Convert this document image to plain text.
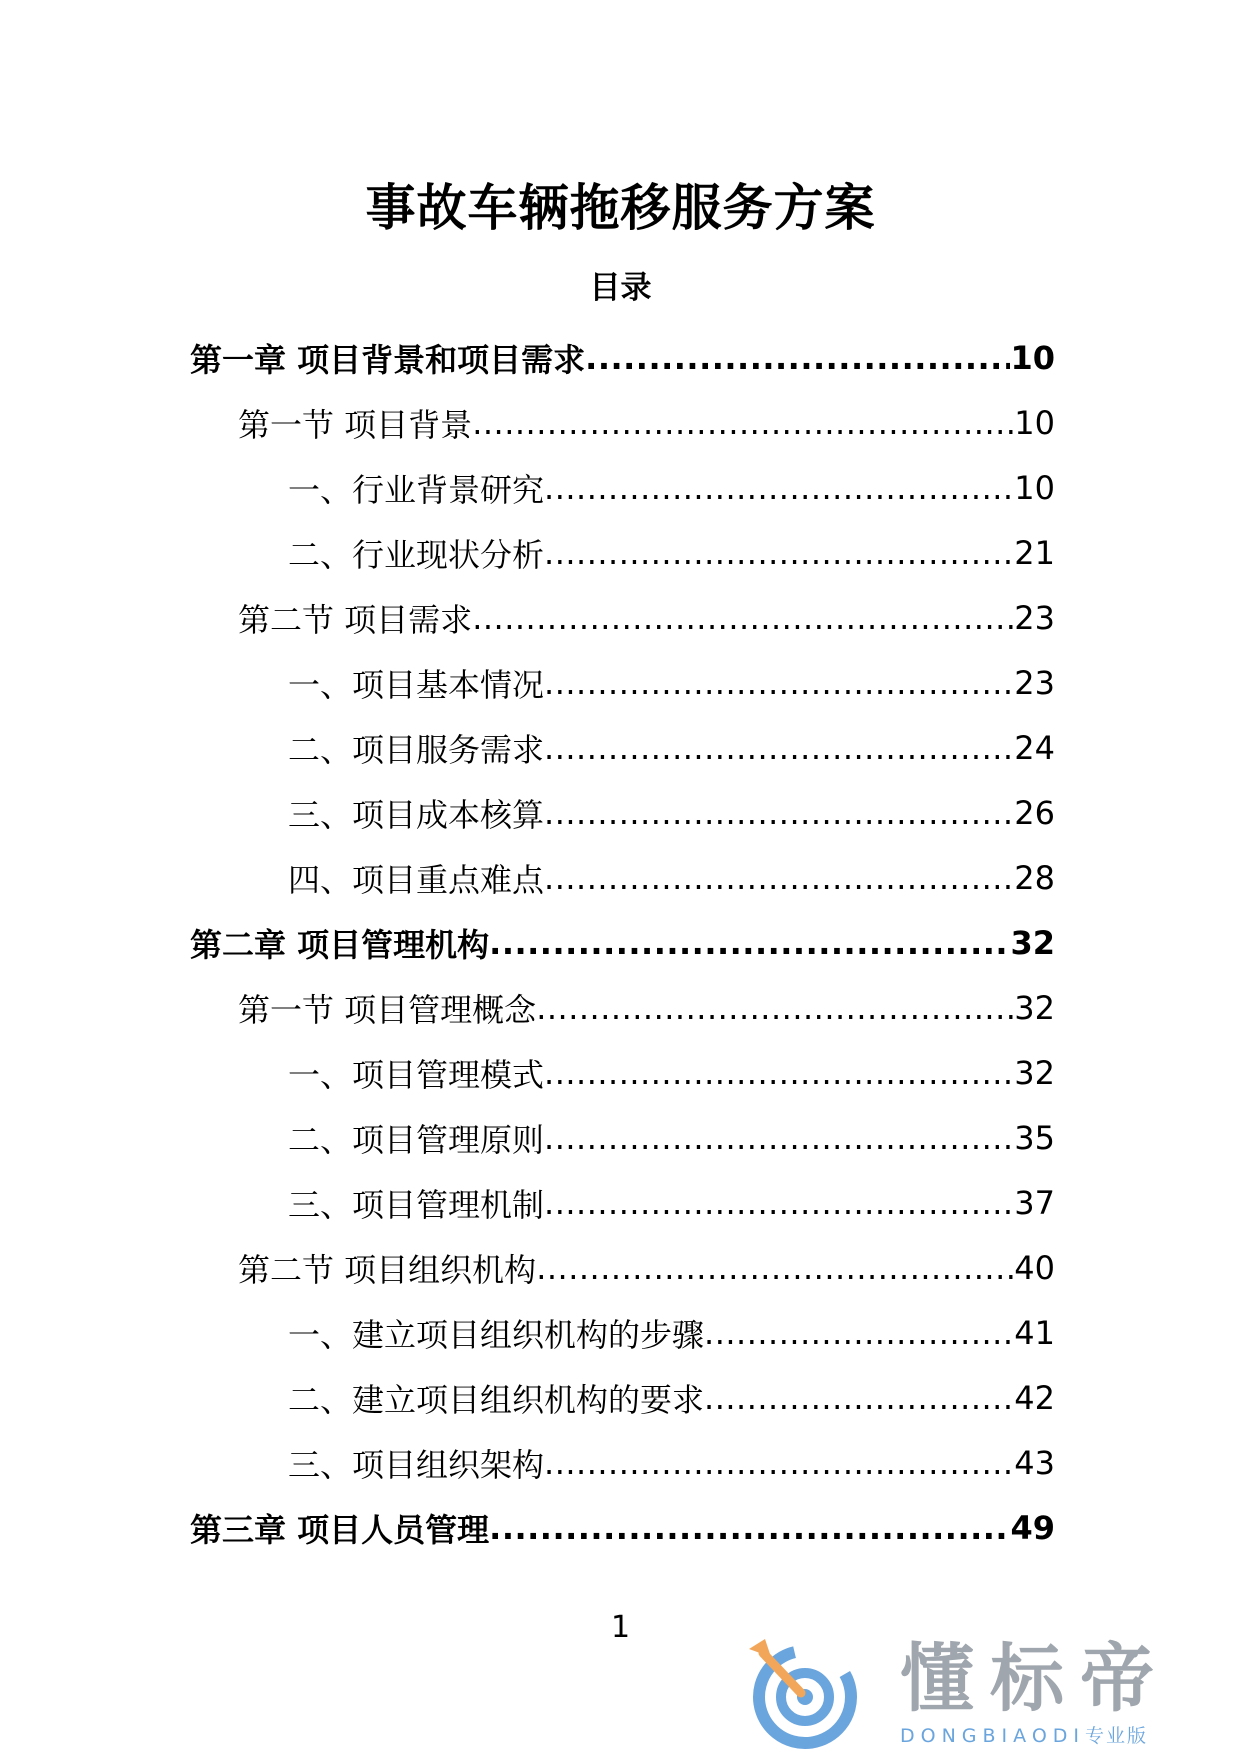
事故车辆拖移服务方案
目录
第一章 项目背景和项目需求 .....	10
第一节 项目背景 .....	10
一、行业背景研究 .....	10
二、行业现状分析 .....	21
第二节 项目需求 .....	23
一、项目基本情况 .....	23
二、项目服务需求 .....	24
三、项目成本核算 .....	26
四、项目重点难点 .....	28
第二章 项目管理机构 .....	32
第一节 项目管理概念 .....	32
一、项目管理模式 .....	32
二、项目管理原则 .....	35
三、项目管理机制 .....	37
第二节 项目组织机构 .....	40
一、建立项目组织机构的步骤 .....	41
二、建立项目组织机构的要求 .....	42
三、项目组织架构 .....	43
第三章 项目人员管理 .....	49
1
懂标帝
DONGBIAODI专业版
